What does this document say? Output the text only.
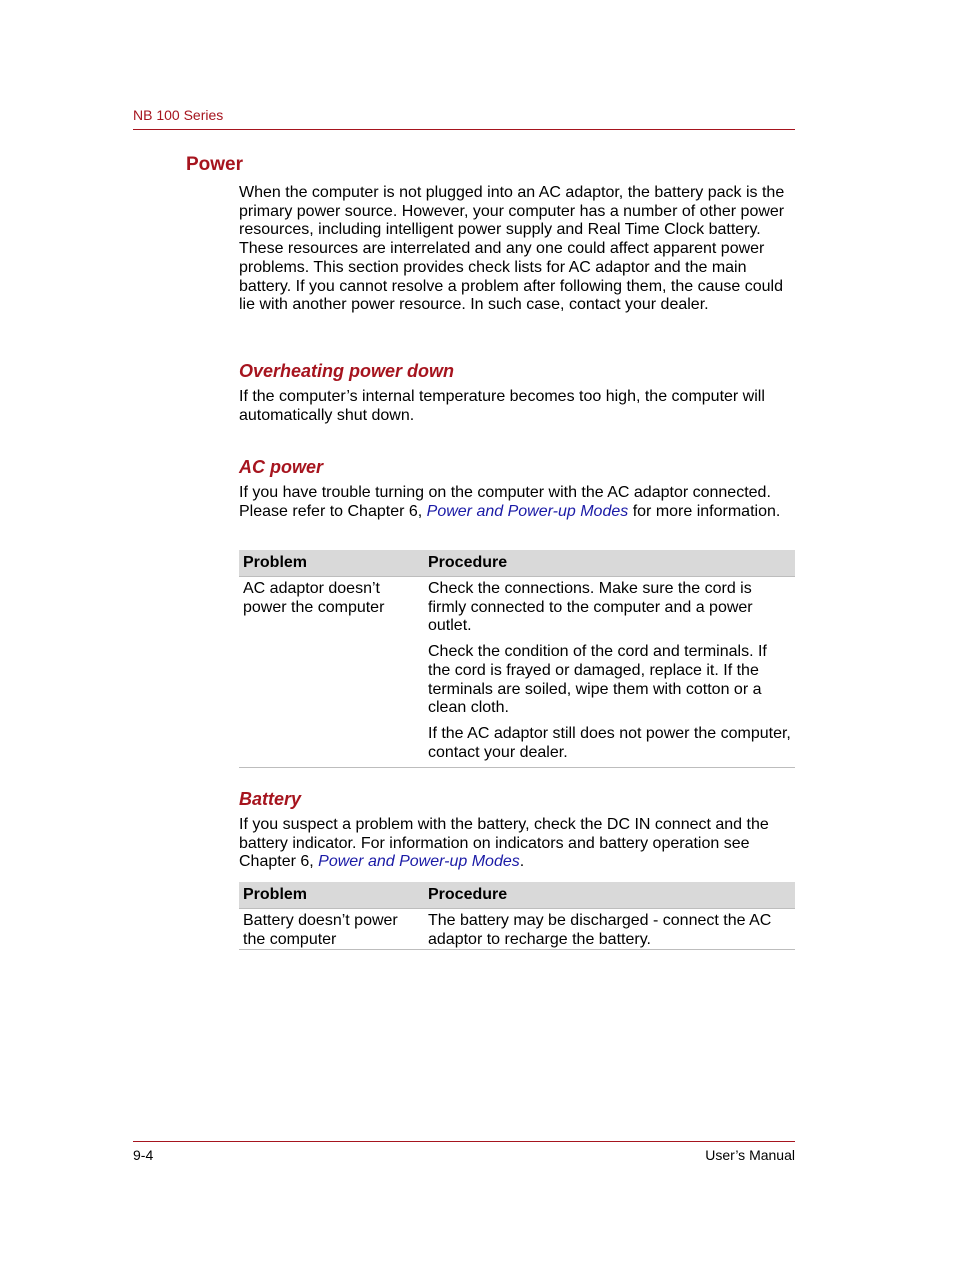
NB 100 Series
Power

When the computer is not plugged into an AC adaptor, the battery pack is the primary power source. However, your computer has a number of other power resources, including intelligent power supply and Real Time Clock battery. These resources are interrelated and any one could affect apparent power problems. This section provides check lists for AC adaptor and the main battery. If you cannot resolve a problem after following them, the cause could lie with another power resource. In such case, contact your dealer.

Overheating power down

If the computer’s internal temperature becomes too high, the computer will automatically shut down.

AC power

If you have trouble turning on the computer with the AC adaptor connected. Please refer to Chapter 6, Power and Power-up Modes for more information.

Problem	Procedure
AC adaptor doesn’t power the computer	Check the connections. Make sure the cord is firmly connected to the computer and a power outlet.

Check the condition of the cord and terminals. If the cord is frayed or damaged, replace it. If the terminals are soiled, wipe them with cotton or a clean cloth.

If the AC adaptor still does not power the computer, contact your dealer.

Battery

If you suspect a problem with the battery, check the DC IN connect and the battery indicator. For information on indicators and battery operation see Chapter 6, Power and Power-up Modes.

Problem	Procedure
Battery doesn’t power the computer	The battery may be discharged - connect the AC adaptor to recharge the battery.
9-4	User’s Manual
